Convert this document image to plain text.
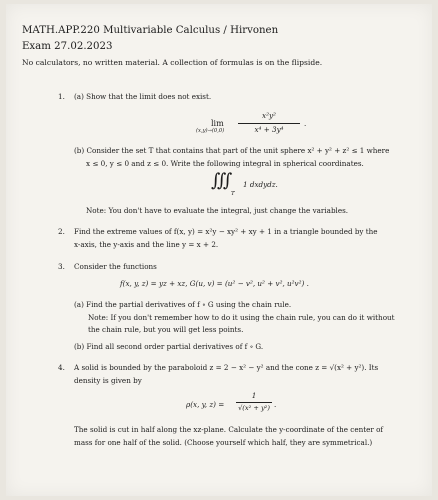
MATH.APP.220 Multivariable Calculus / Hirvonen
Exam 27.02.2023
No calculators, no written material. A collection of formulas is on the flipside.
1. (a) Show that the limit does not exist.
lim
(x,y)→(0,0)
x²y²
x⁴ + 3y⁴
.
(b) Consider the set T that contains that part of the unit sphere x² + y² + z² ≤ 1 where
x ≤ 0, y ≤ 0 and z ≤ 0. Write the following integral in spherical coordinates.
∭
T
1 dxdydz.
Note: You don't have to evaluate the integral, just change the variables.
2. Find the extreme values of f(x, y) = x²y − xy² + xy + 1 in a triangle bounded by the
x-axis, the y-axis and the line y = x + 2.
3. Consider the functions
f(x, y, z) = yz + xz, G(u, v) = (u² − v², u² + v², u²v²) .
(a) Find the partial derivatives of f ∘ G using the chain rule.
Note: If you don't remember how to do it using the chain rule, you can do it without
the chain rule, but you will get less points.
(b) Find all second order partial derivatives of f ∘ G.
4. A solid is bounded by the paraboloid z = 2 − x² − y² and the cone z = √(x² + y²). Its
density is given by
ρ(x, y, z) =
1
√(x² + y²) .
The solid is cut in half along the xz-plane. Calculate the y-coordinate of the center of
mass for one half of the solid. (Choose yourself which half, they are symmetrical.)
